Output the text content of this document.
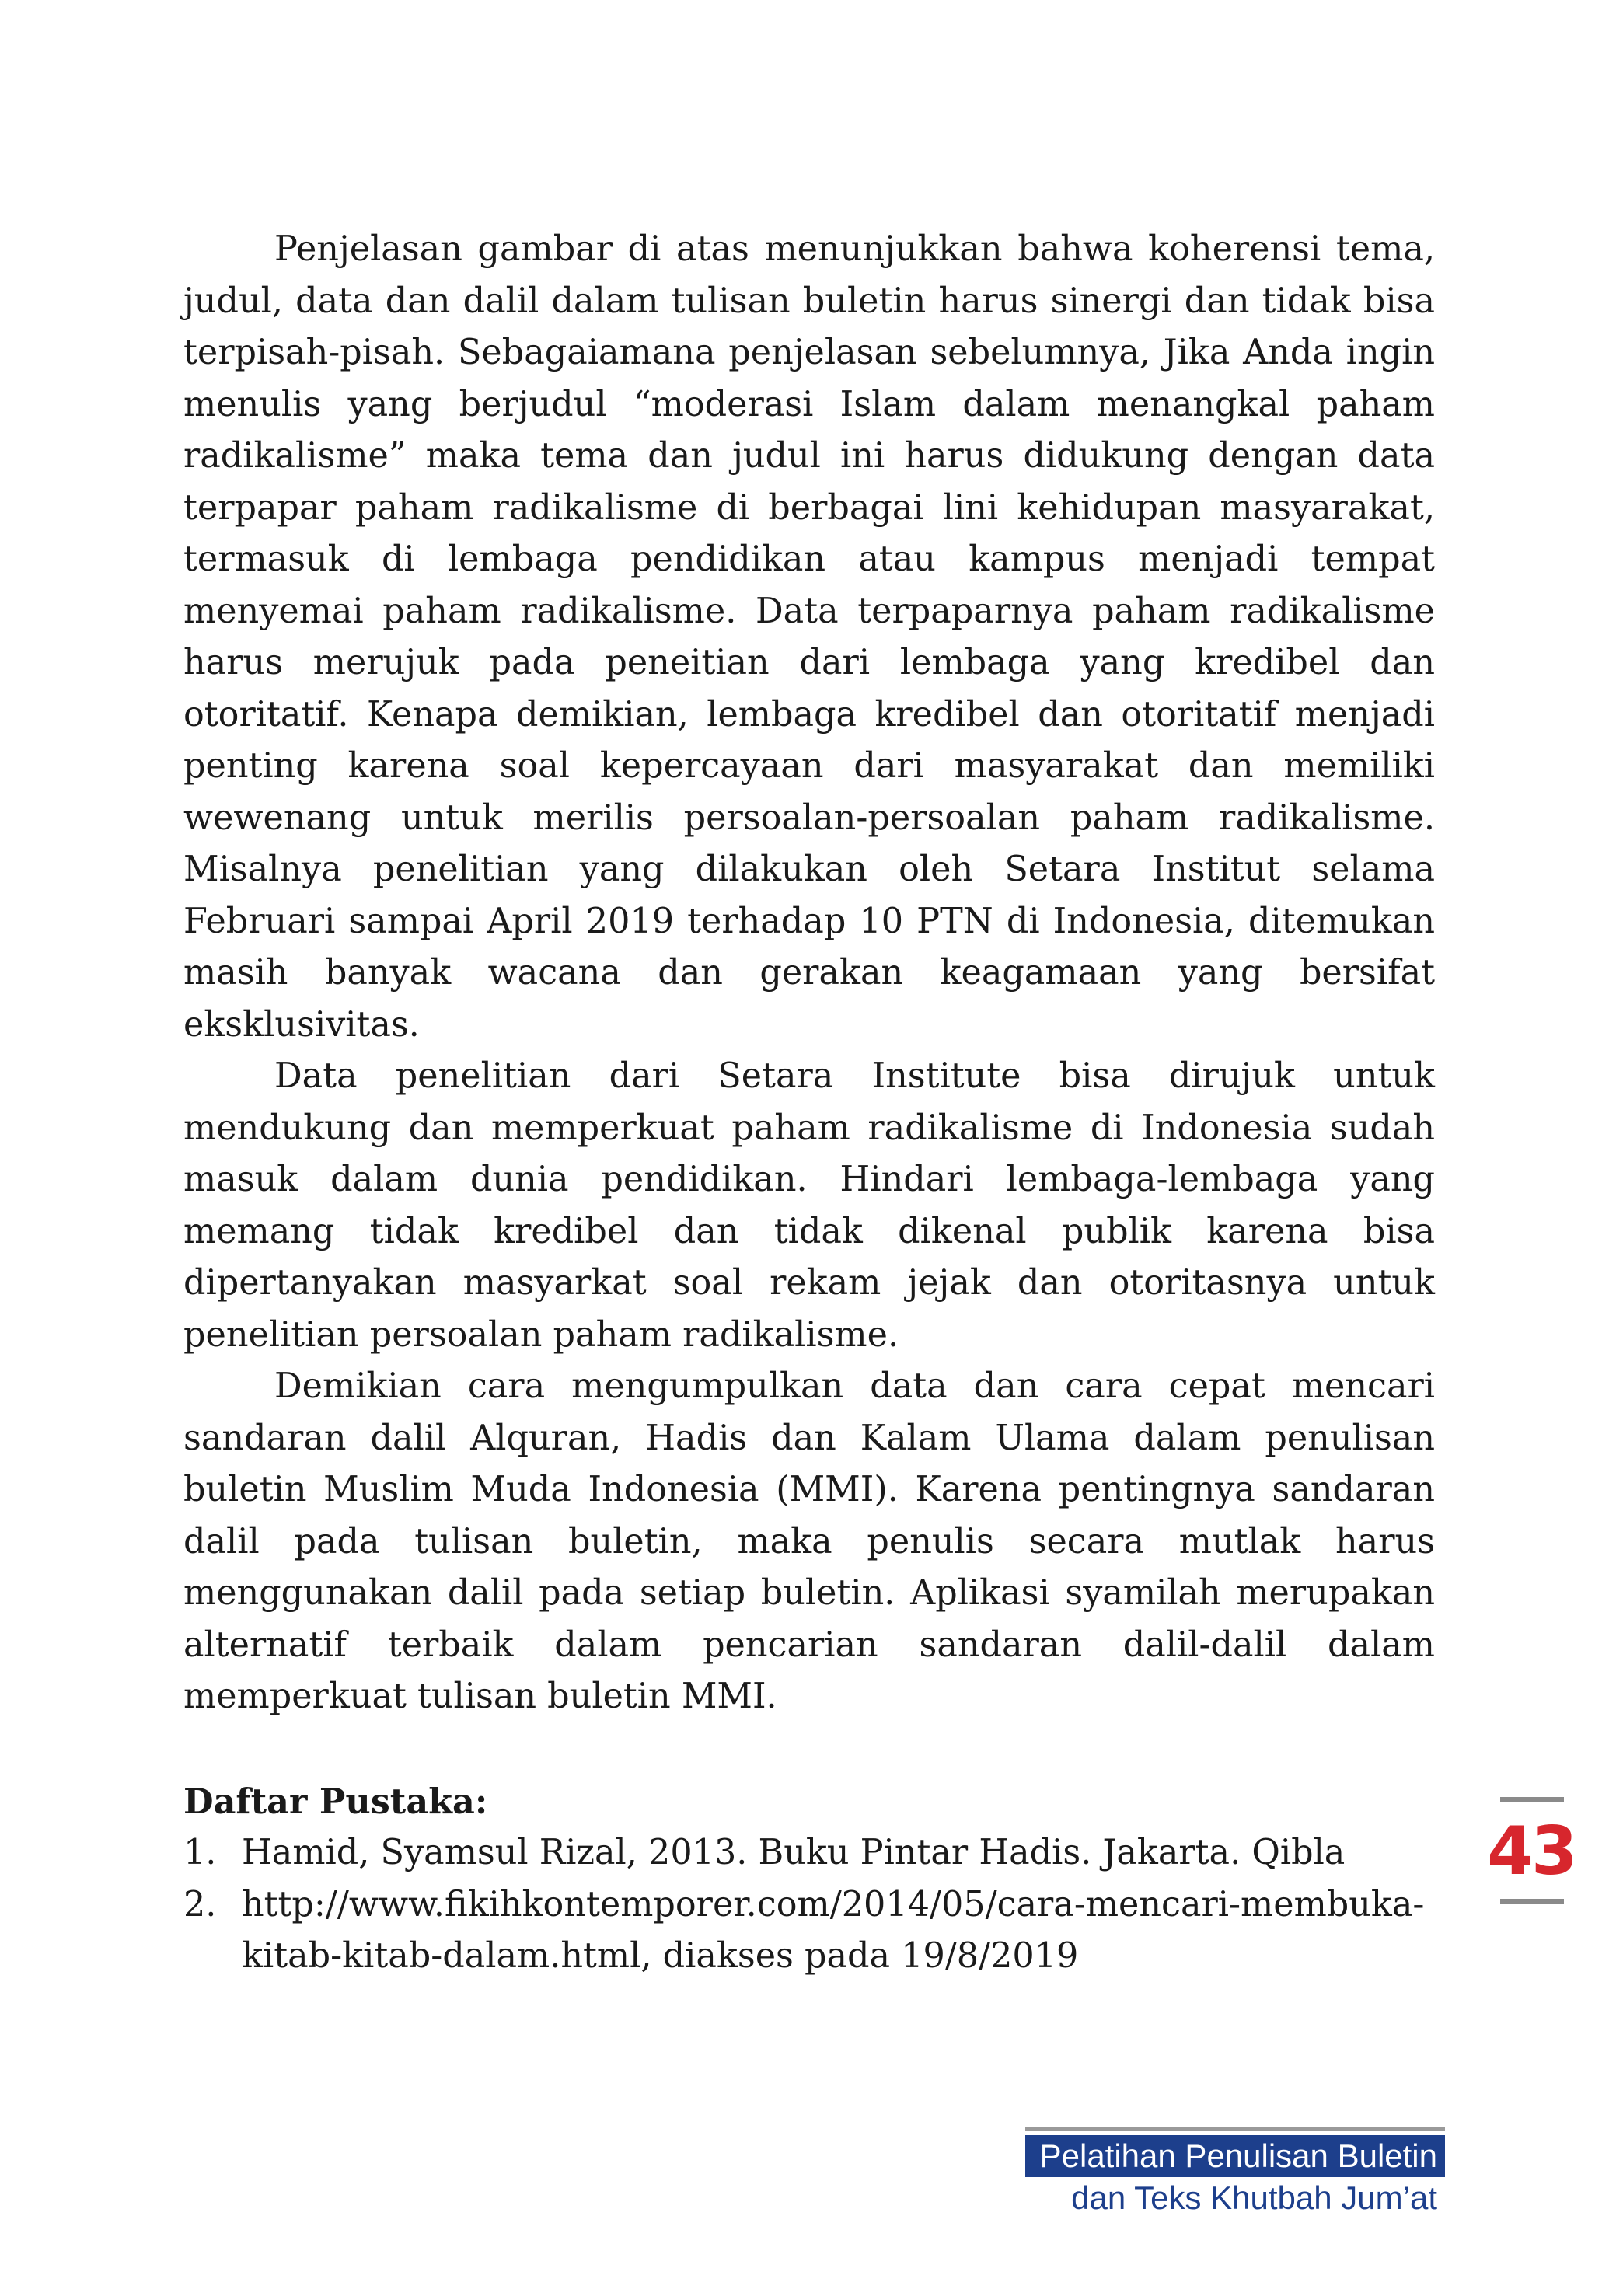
Penjelasan gambar di atas menunjukkan bahwa koherensi tema, judul, data dan dalil dalam tulisan buletin harus sinergi dan tidak bisa terpisah-pisah. Sebagaiamana penjelasan sebelumnya, Jika Anda ingin menulis yang berjudul “moderasi Islam dalam menangkal paham radikalisme” maka tema dan judul ini harus didukung dengan data terpapar paham radikalisme di berbagai lini kehidupan masyarakat, termasuk di lembaga pendidikan atau kampus menjadi tempat menyemai paham radikalisme. Data terpaparnya paham radikalisme harus merujuk pada peneitian dari lembaga yang kredibel dan otoritatif. Kenapa demikian, lembaga kredibel dan otoritatif menjadi penting karena soal kepercayaan dari masyarakat dan memiliki wewenang untuk merilis persoalan-persoalan paham radikalisme. Misalnya penelitian yang dilakukan oleh Setara Institut selama Februari sampai April 2019 terhadap 10 PTN di Indonesia, ditemukan masih banyak wacana dan gerakan keagamaan yang bersifat eksklusivitas.

Data penelitian dari Setara Institute bisa dirujuk untuk mendukung dan memperkuat paham radikalisme di Indonesia sudah masuk dalam dunia pendidikan. Hindari lembaga-lembaga yang memang tidak kredibel dan tidak dikenal publik karena bisa dipertanyakan masyarkat soal rekam jejak dan otoritasnya untuk penelitian persoalan paham radikalisme.

Demikian cara mengumpulkan data dan cara cepat mencari sandaran dalil Alquran, Hadis dan Kalam Ulama dalam penulisan buletin Muslim Muda Indonesia (MMI). Karena pentingnya sandaran dalil pada tulisan buletin, maka penulis secara mutlak harus menggunakan dalil pada setiap buletin. Aplikasi syamilah merupakan alternatif terbaik dalam pencarian sandaran dalil-dalil dalam memperkuat tulisan buletin MMI.

Daftar Pustaka:
1. Hamid, Syamsul Rizal, 2013. Buku Pintar Hadis. Jakarta. Qibla
2. http://www.fikihkontemporer.com/2014/05/cara-mencari-membuka-kitab-kitab-dalam.html, diakses pada 19/8/2019
43
Pelatihan Penulisan Buletin
dan Teks Khutbah Jum’at
